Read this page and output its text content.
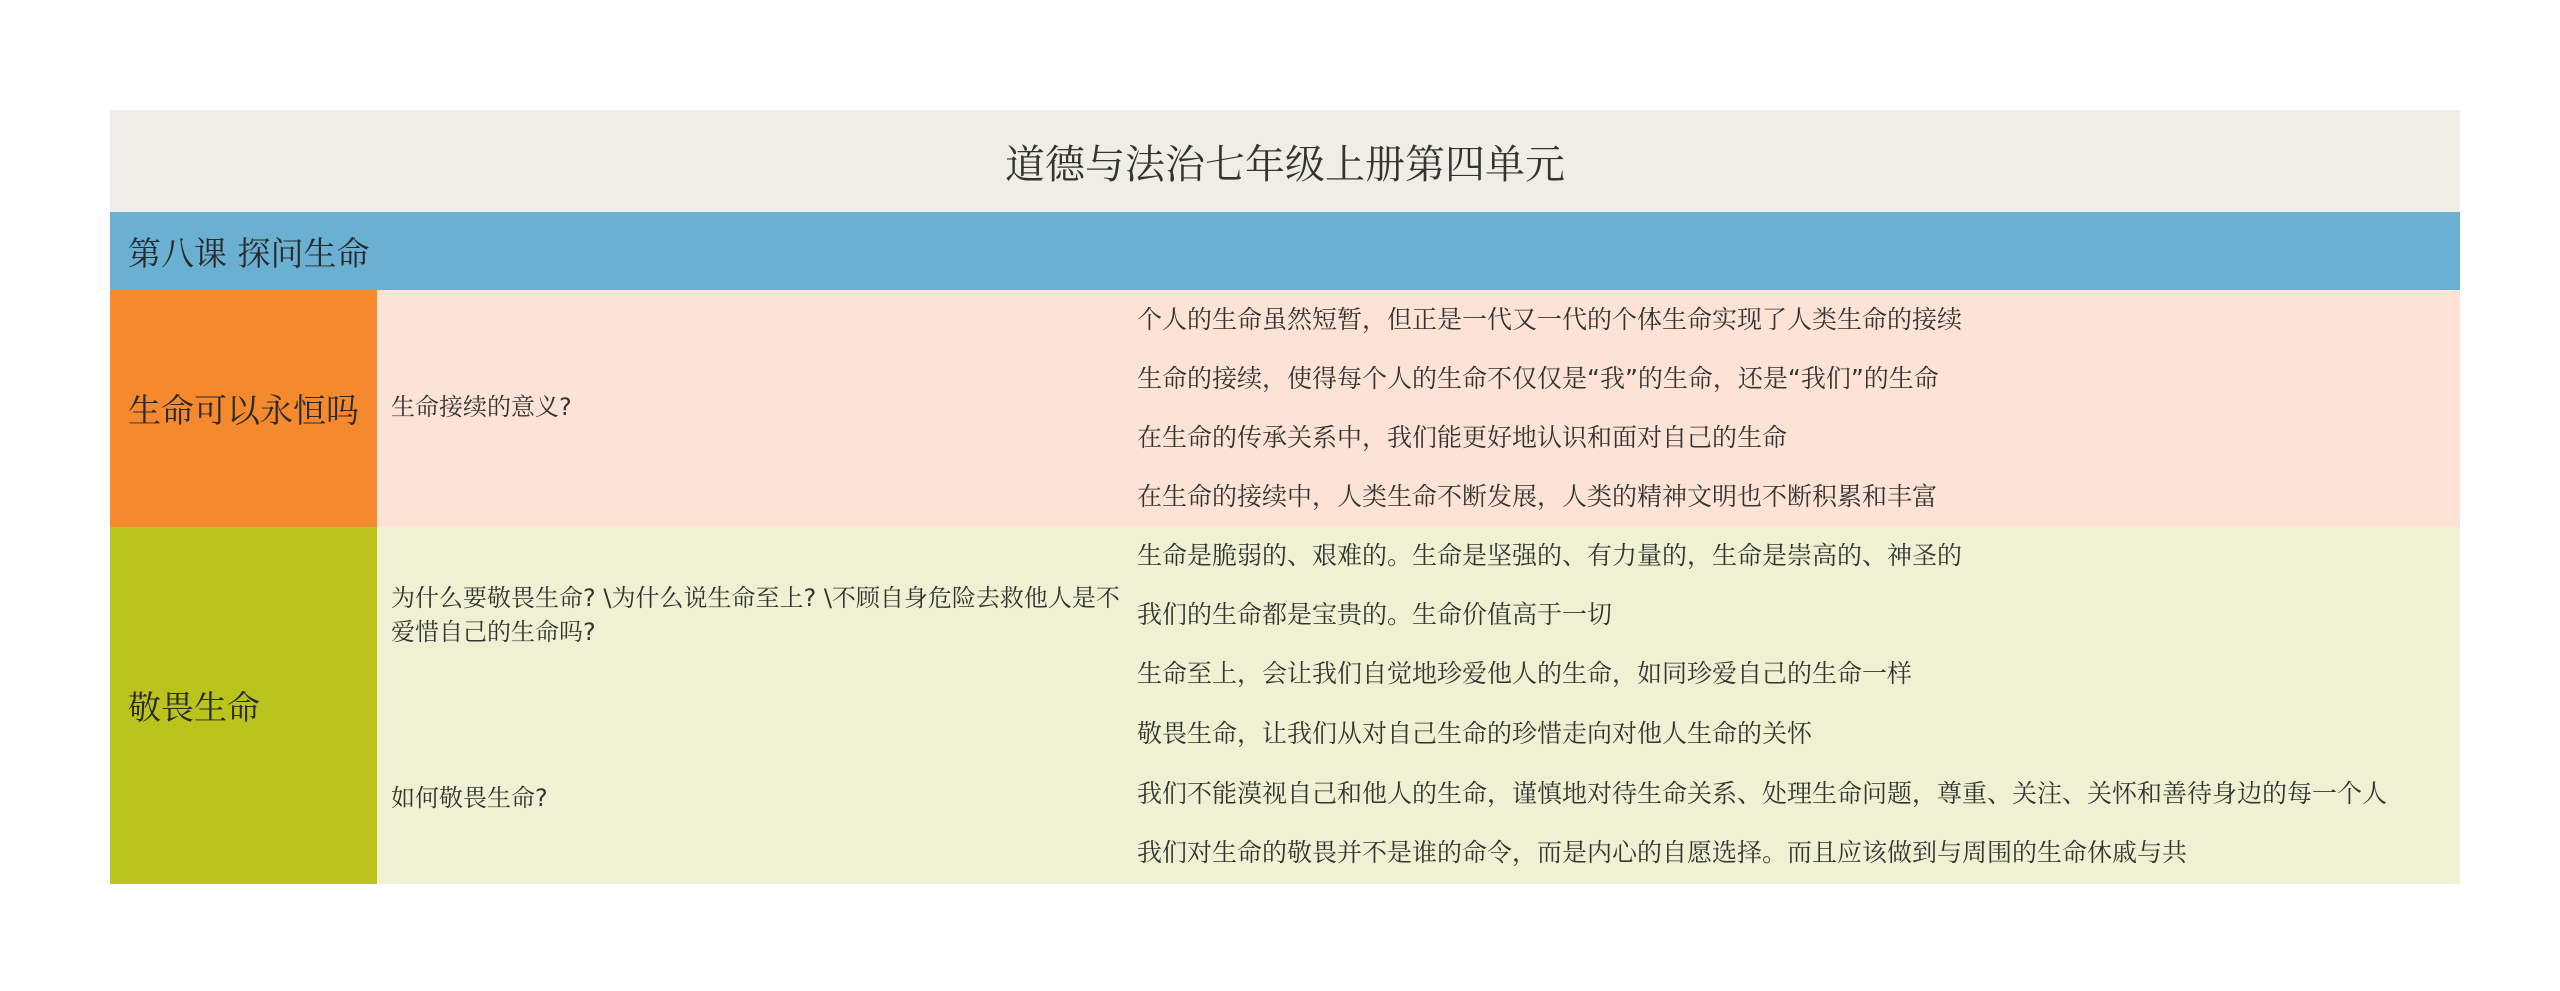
道德与法治七年级上册第四单元
第八课 探问生命
生命可以永恒吗	生命接续的意义?
个人的生命虽然短暂，但正是一代又一代的个体生命实现了人类生命的接续
生命的接续，使得每个人的生命不仅仅是“我”的生命，还是“我们”的生命
在生命的传承关系中，我们能更好地认识和面对自己的生命
在生命的接续中，人类生命不断发展，人类的精神文明也不断积累和丰富
敬畏生命
为什么要敬畏生命? \为什么说生命至上? \不顾自身危险去救他人是不爱惜自己的生命吗?
如何敬畏生命?
生命是脆弱的、艰难的。生命是坚强的、有力量的，生命是崇高的、神圣的
我们的生命都是宝贵的。生命价值高于一切
生命至上，会让我们自觉地珍爱他人的生命，如同珍爱自己的生命一样
敬畏生命，让我们从对自己生命的珍惜走向对他人生命的关怀
我们不能漠视自己和他人的生命，谨慎地对待生命关系、处理生命问题，尊重、关注、关怀和善待身边的每一个人
我们对生命的敬畏并不是谁的命令，而是内心的自愿选择。而且应该做到与周围的生命休戚与共
